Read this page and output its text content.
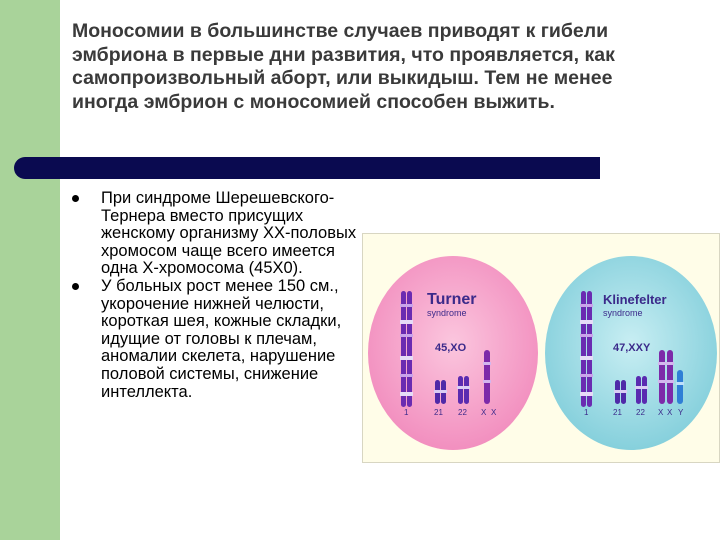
Моносомии в большинстве случаев приводят к гибели эмбриона в первые дни развития, что проявляется, как самопроизвольный аборт, или выкидыш. Тем не менее иногда эмбрион с моносомией способен выжить.
При синдроме Шерешевского-Тернера вместо присущих женскому организму XX-половых хромосом чаще всего имеется одна X-хромосома (45X0).
У больных рост менее 150 см., укорочение нижней челюсти, короткая шея, кожные складки, идущие от головы к плечам, аномалии скелета, нарушение половой системы, снижение интеллекта.
Turner
syndrome
45,XO
1	21 22 X X
Klinefelter
syndrome
47,XXY
1	21 22 X X Y
